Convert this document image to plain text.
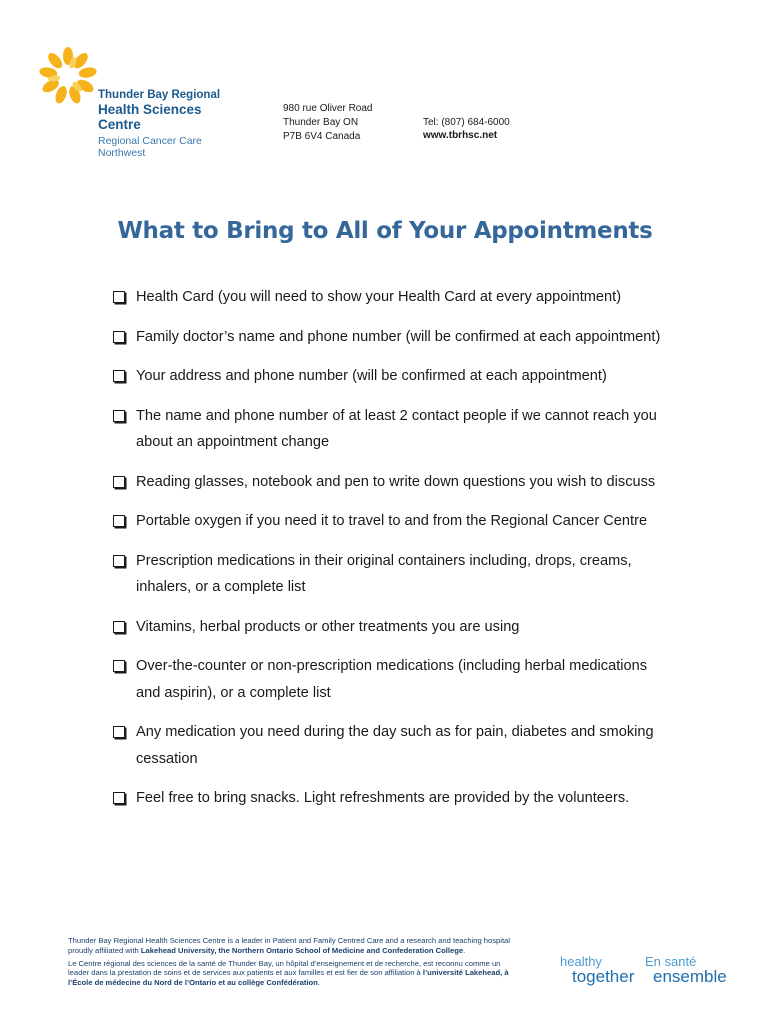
Thunder Bay Regional
Health Sciences
Centre
Regional Cancer Care
Northwest
980 rue Oliver Road
Thunder Bay ON
P7B 6V4 Canada
Tel: (807) 684-6000
www.tbrhsc.net
What to Bring to All of Your Appointments
Health Card (you will need to show your Health Card at every appointment)
Family doctor’s name and phone number (will be confirmed at each appointment)
Your address and phone number (will be confirmed at each appointment)
The name and phone number of at least 2 contact people if we cannot reach you about an appointment change
Reading glasses, notebook and pen to write down questions you wish to discuss
Portable oxygen if you need it to travel to and from the Regional Cancer Centre
Prescription medications in their original containers including, drops, creams, inhalers, or a complete list
Vitamins, herbal products or other treatments you are using
Over-the-counter or non-prescription medications (including herbal medications and aspirin), or a complete list
Any medication you need during the day such as for pain, diabetes and smoking cessation
Feel free to bring snacks. Light refreshments are provided by the volunteers.

Thunder Bay Regional Health Sciences Centre is a leader in Patient and Family Centred Care and a research and teaching hospital proudly affiliated with Lakehead University, the Northern Ontario School of Medicine and Confederation College.

Le Centre régional des sciences de la santé de Thunder Bay, un hôpital d’enseignement et de recherche, est reconnu comme un leader dans la prestation de soins et de services aux patients et aux familles et est fier de son affiliation à l’université Lakehead, à l’École de médecine du Nord de l’Ontario et au collège Confédération.

healthy
together
En santé
ensemble
